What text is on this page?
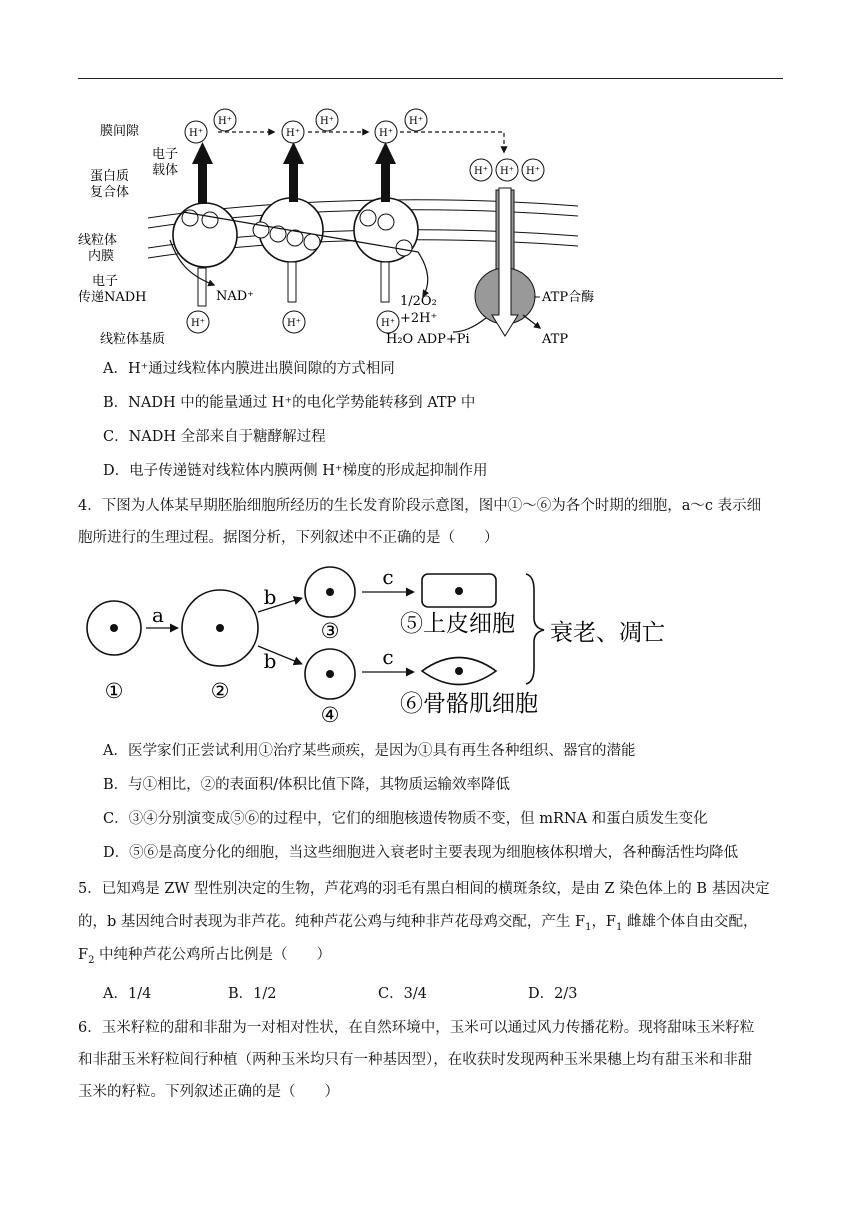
H⁺
H⁺
H⁺
H⁺
H⁺
H⁺
H⁺ H⁺ H⁺
H⁺	H⁺	H⁺
膜间隙
电子
载体
蛋白质
复合体
线粒体
内膜
电子
传递NADH	NAD⁺	1/2O₂
+2H⁺
H₂O ADP+Pi
ATP合酶
ATP
线粒体基质
A．H⁺通过线粒体内膜进出膜间隙的方式相同
B．NADH 中的能量通过 H⁺的电化学势能转移到 ATP 中
C．NADH 全部来自于糖酵解过程
D．电子传递链对线粒体内膜两侧 H⁺梯度的形成起抑制作用
4．下图为人体某早期胚胎细胞所经历的生长发育阶段示意图，图中①～⑥为各个时期的细胞，a～c 表示细
胞所进行的生理过程。据图分析，下列叙述中不正确的是（　　）
a
b
b
c
c
①	②
③
④
⑤上皮细胞
⑥骨骼肌细胞
衰老、凋亡
A．医学家们正尝试利用①治疗某些顽疾，是因为①具有再生各种组织、器官的潜能
B．与①相比，②的表面积/体积比值下降，其物质运输效率降低
C．③④分别演变成⑤⑥的过程中，它们的细胞核遗传物质不变，但 mRNA 和蛋白质发生变化
D．⑤⑥是高度分化的细胞，当这些细胞进入衰老时主要表现为细胞核体积增大，各种酶活性均降低
5．已知鸡是 ZW 型性别决定的生物，芦花鸡的羽毛有黑白相间的横斑条纹，是由 Z 染色体上的 B 基因决定
的，b 基因纯合时表现为非芦花。纯种芦花公鸡与纯种非芦花母鸡交配，产生 $F_1$，$F_1$ 雌雄个体自由交配，
$F_2$ 中纯种芦花公鸡所占比例是（　　）
A．1/4	B．1/2	C．3/4	D．2/3
6．玉米籽粒的甜和非甜为一对相对性状，在自然环境中，玉米可以通过风力传播花粉。现将甜味玉米籽粒
和非甜玉米籽粒间行种植（两种玉米均只有一种基因型），在收获时发现两种玉米果穗上均有甜玉米和非甜
玉米的籽粒。下列叙述正确的是（　　）
